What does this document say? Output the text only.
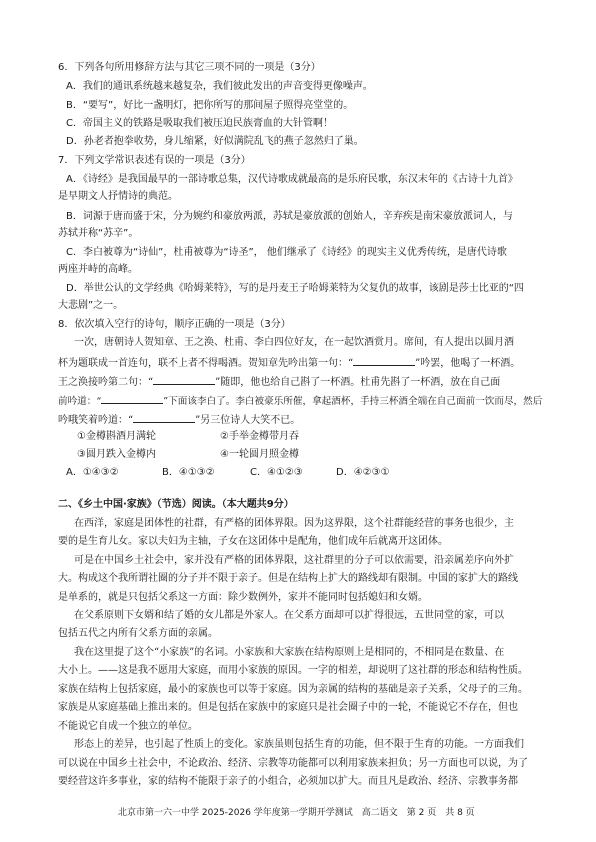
6．下列各句所用修辞方法与其它三项不同的一项是（3分）
A．我们的通讯系统越来越复杂，我们彼此发出的声音变得更像噪声。
B．“要写”，好比一盏明灯，把你所写的那间屋子照得亮堂堂的。
C．帝国主义的铁路是吸取我们被压迫民族膏血的大针管啊！
D．孙老者抱拳收势，身儿缩紧，好似满院乱飞的燕子忽然归了巢。
7．下列文学常识表述有误的一项是（3分）
A．《诗经》是我国最早的一部诗歌总集，汉代诗歌成就最高的是乐府民歌，东汉末年的《古诗十九首》
是早期文人抒情诗的典范。
B．词源于唐而盛于宋，分为婉约和豪放两派，苏轼是豪放派的创始人，辛弃疾是南宋豪放派词人，与
苏轼并称“苏辛”。
C．李白被尊为“诗仙”，杜甫被尊为“诗圣”， 他们继承了《诗经》的现实主义优秀传统，是唐代诗歌
两座并峙的高峰。
D．举世公认的文学经典《哈姆莱特》，写的是丹麦王子哈姆莱特为父复仇的故事，该剧是莎士比亚的“四
大悲剧”之一。
8．依次填入空行的诗句，顺序正确的一项是（3分）
一次，唐朝诗人贺知章、王之涣、杜甫、李白四位好友，在一起饮酒赏月。席间，有人提出以圆月酒
杯为题联成一首连句，联不上者不得喝酒。贺知章先吟出第一句：“	”吟罢，他喝了一杯酒。
王之涣接吟第二句：“	”随即，他也给自己斟了一杯酒。杜甫先斟了一杯酒，放在自己面
前吟道：“	”下面该李白了。李白被豪乐所催，拿起酒杯，手持三杯酒全端在自己面前一饮而尽，然后
吟哦笑着吟道：“	”另三位诗人大笑不已。
①金樽斟酒月满轮	②手举金樽带月吞
③圆月跌入金樽内	④一轮圆月照金樽
A．①④③②	B．④①③②	C．④①②③	D．④②③①
二、《乡土中国·家族》（节选）阅读。（本大题共9分）
在西洋，家庭是团体性的社群，有严格的团体界限。因为这界限，这个社群能经营的事务也很少，主
要的是生育儿女。家以夫妇为主轴，子女在这团体中是配角，他们成年后就离开这团体。
可是在中国乡土社会中，家并没有严格的团体界限，这社群里的分子可以依需要，沿亲属差序向外扩
大。构成这个我所谓社圈的分子并不限于亲子。但是在结构上扩大的路线却有限制。中国的家扩大的路线
是单系的，就是只包括父系这一方面：除少数例外，家并不能同时包括媳妇和女婿。
在父系原则下女婿和结了婚的女儿都是外家人。在父系方面却可以扩得很远，五世同堂的家，可以
包括五代之内所有父系方面的亲属。
我在这里提了这个“小家族”的名词。小家族和大家族在结构原则上是相同的，不相同是在数量、在
大小上。——这是我不愿用大家庭，而用小家族的原因。一字的相差，却说明了这社群的形态和结构性质。
家族在结构上包括家庭，最小的家族也可以等于家庭。因为亲属的结构的基础是亲子关系，父母子的三角。
家族是从家庭基础上推出来的。但是包括在家族中的家庭只是社会圈子中的一轮，不能说它不存在，但也
不能说它自成一个独立的单位。
形态上的差异，也引起了性质上的变化。家族虽则包括生育的功能，但不限于生育的功能。一方面我们
可以说在中国乡土社会中，不论政治、经济、宗教等功能都可以利用家族来担负；另一方面也可以说，为了
要经营这许多事业，家的结构不能限于亲子的小组合，必须加以扩大。而且凡是政治、经济、宗教事务都
北京市第一六一中学 2025-2026 学年度第一学期开学测试　高二语文　第 2 页　共 8 页
